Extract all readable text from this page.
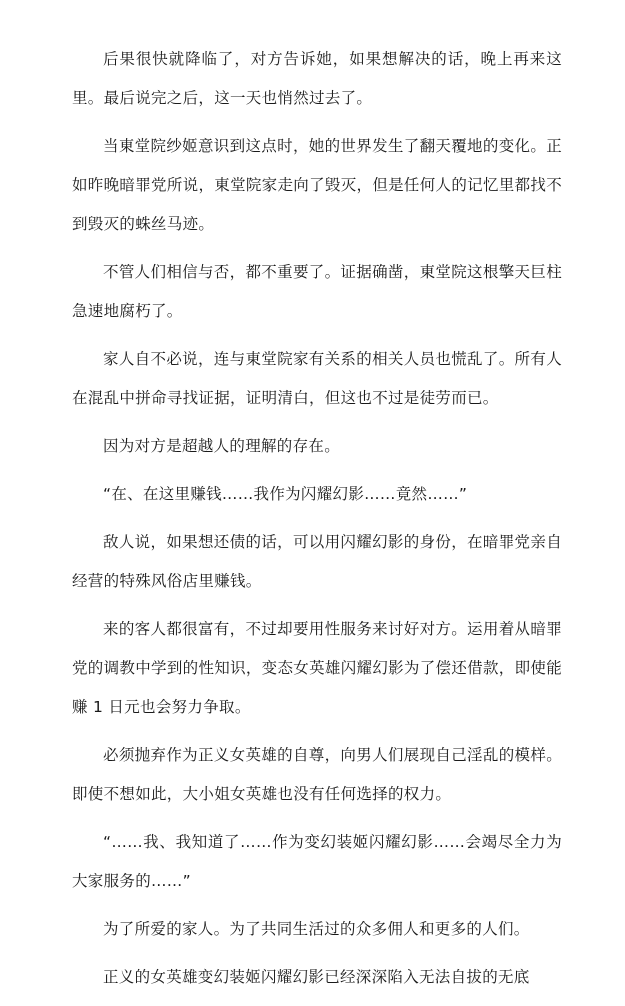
后果很快就降临了，对方告诉她，如果想解决的话，晚上再来这里。最后说完之后，这一天也悄然过去了。

当東堂院纱姬意识到这点时，她的世界发生了翻天覆地的变化。正如昨晚暗罪党所说，東堂院家走向了毁灭，但是任何人的记忆里都找不到毁灭的蛛丝马迹。

不管人们相信与否，都不重要了。证据确凿，東堂院这根擎天巨柱急速地腐朽了。

家人自不必说，连与東堂院家有关系的相关人员也慌乱了。所有人在混乱中拼命寻找证据，证明清白，但这也不过是徒劳而已。

因为对方是超越人的理解的存在。

“在、在这里赚钱……我作为闪耀幻影……竟然……”

敌人说，如果想还债的话，可以用闪耀幻影的身份，在暗罪党亲自经营的特殊风俗店里赚钱。

来的客人都很富有，不过却要用性服务来讨好对方。运用着从暗罪党的调教中学到的性知识，变态女英雄闪耀幻影为了偿还借款，即使能赚 1 日元也会努力争取。

必须抛弃作为正义女英雄的自尊，向男人们展现自己淫乱的模样。即使不想如此，大小姐女英雄也没有任何选择的权力。

“……我、我知道了……作为变幻装姬闪耀幻影……会竭尽全力为大家服务的……”

为了所爱的家人。为了共同生活过的众多佣人和更多的人们。

正义的女英雄变幻装姬闪耀幻影已经深深陷入无法自拔的无底
